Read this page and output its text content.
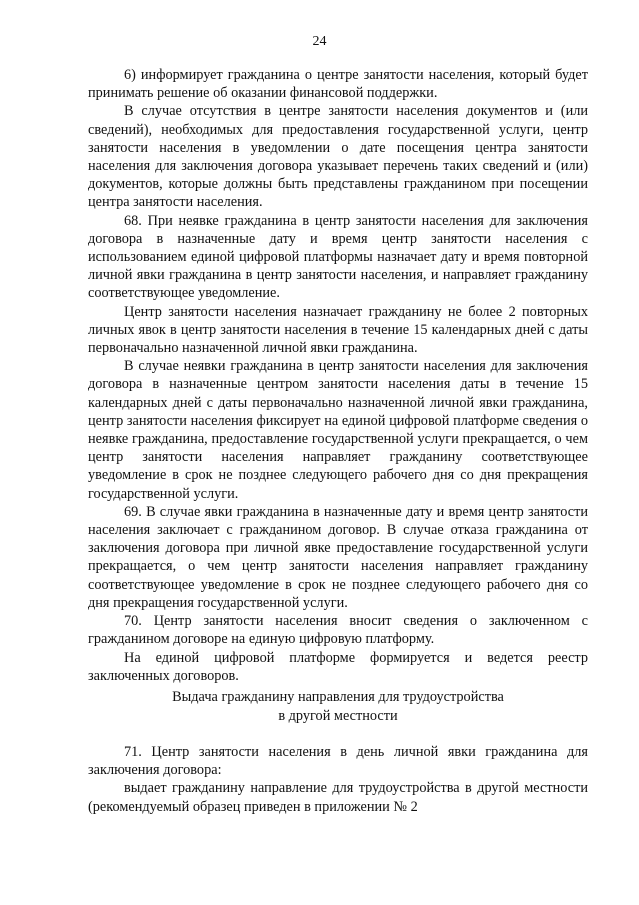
24

6) информирует гражданина о центре занятости населения, который будет принимать решение об оказании финансовой поддержки.

В случае отсутствия в центре занятости населения документов и (или сведений), необходимых для предоставления государственной услуги, центр занятости населения в уведомлении о дате посещения центра занятости населения для заключения договора указывает перечень таких сведений и (или) документов, которые должны быть представлены гражданином при посещении центра занятости населения.

68. При неявке гражданина в центр занятости населения для заключения договора в назначенные дату и время центр занятости населения с использованием единой цифровой платформы назначает дату и время повторной личной явки гражданина в центр занятости населения, и направляет гражданину соответствующее уведомление.

Центр занятости населения назначает гражданину не более 2 повторных личных явок в центр занятости населения в течение 15 календарных дней с даты первоначально назначенной личной явки гражданина.

В случае неявки гражданина в центр занятости населения для заключения договора в назначенные центром занятости населения даты в течение 15 календарных дней с даты первоначально назначенной личной явки гражданина, центр занятости населения фиксирует на единой цифровой платформе сведения о неявке гражданина, предоставление государственной услуги прекращается, о чем центр занятости населения направляет гражданину соответствующее уведомление в срок не позднее следующего рабочего дня со дня прекращения государственной услуги.

69. В случае явки гражданина в назначенные дату и время центр занятости населения заключает с гражданином договор. В случае отказа гражданина от заключения договора при личной явке предоставление государственной услуги прекращается, о чем центр занятости населения направляет гражданину соответствующее уведомление в срок не позднее следующего рабочего дня со дня прекращения государственной услуги.

70. Центр занятости населения вносит сведения о заключенном с гражданином договоре на единую цифровую платформу.

На единой цифровой платформе формируется и ведется реестр заключенных договоров.

Выдача гражданину направления для трудоустройства
в другой местности

71. Центр занятости населения в день личной явки гражданина для заключения договора:

выдает гражданину направление для трудоустройства в другой местности (рекомендуемый образец приведен в приложении № 2
